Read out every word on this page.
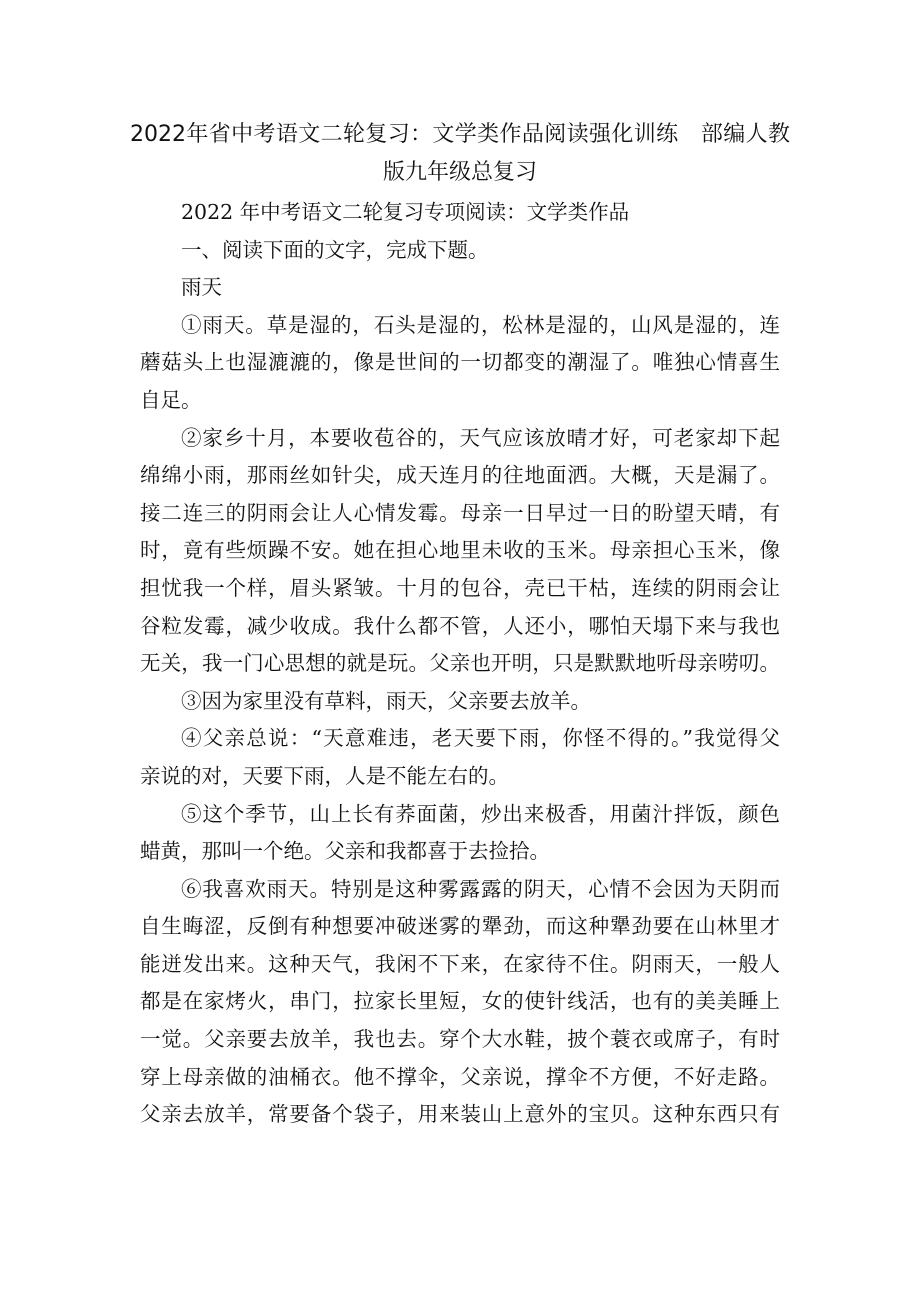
2022年省中考语文二轮复习：文学类作品阅读强化训练　部编人教
版九年级总复习
2022 年中考语文二轮复习专项阅读：文学类作品
一、阅读下面的文字，完成下题。
雨天
①雨天。草是湿的，石头是湿的，松林是湿的，山风是湿的，连
蘑菇头上也湿漉漉的，像是世间的一切都变的潮湿了。唯独心情喜生
自足。
②家乡十月，本要收苞谷的，天气应该放晴才好，可老家却下起
绵绵小雨，那雨丝如针尖，成天连月的往地面洒。大概，天是漏了。
接二连三的阴雨会让人心情发霉。母亲一日早过一日的盼望天晴，有
时，竟有些烦躁不安。她在担心地里未收的玉米。母亲担心玉米，像
担忧我一个样，眉头紧皱。十月的包谷，壳已干枯，连续的阴雨会让
谷粒发霉，减少收成。我什么都不管，人还小，哪怕天塌下来与我也
无关，我一门心思想的就是玩。父亲也开明，只是默默地听母亲唠叨。
③因为家里没有草料，雨天，父亲要去放羊。
④父亲总说：“天意难违，老天要下雨，你怪不得的。”我觉得父
亲说的对，天要下雨，人是不能左右的。
⑤这个季节，山上长有荞面菌，炒出来极香，用菌汁拌饭，颜色
蜡黄，那叫一个绝。父亲和我都喜于去捡拾。
⑥我喜欢雨天。特别是这种雾露露的阴天，心情不会因为天阴而
自生晦涩，反倒有种想要冲破迷雾的犟劲，而这种犟劲要在山林里才
能迸发出来。这种天气，我闲不下来，在家待不住。阴雨天，一般人
都是在家烤火，串门，拉家长里短，女的使针线活，也有的美美睡上
一觉。父亲要去放羊，我也去。穿个大水鞋，披个蓑衣或席子，有时
穿上母亲做的油桶衣。他不撑伞，父亲说，撑伞不方便，不好走路。
父亲去放羊，常要备个袋子，用来装山上意外的宝贝。这种东西只有
